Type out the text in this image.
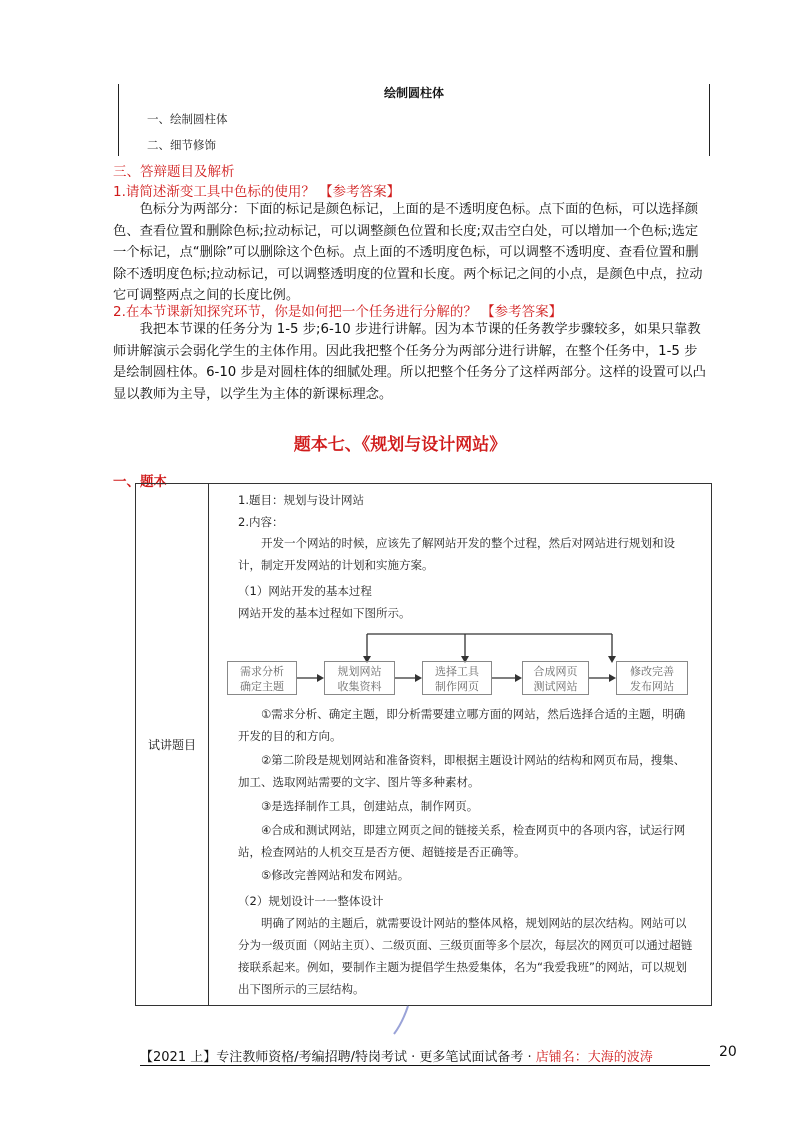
绘制圆柱体
一、绘制圆柱体
二、细节修饰
三、答辩题目及解析
1.请简述渐变工具中色标的使用？ 【参考答案】
色标分为两部分：下面的标记是颜色标记，上面的是不透明度色标。点下面的色标，可以选择颜色、查看位置和删除色标;拉动标记，可以调整颜色位置和长度;双击空白处，可以增加一个色标;选定一个标记，点“删除”可以删除这个色标。点上面的不透明度色标，可以调整不透明度、查看位置和删除不透明度色标;拉动标记，可以调整透明度的位置和长度。两个标记之间的小点，是颜色中点，拉动它可调整两点之间的长度比例。
2.在本节课新知探究环节，你是如何把一个任务进行分解的？ 【参考答案】
我把本节课的任务分为 1-5 步;6-10 步进行讲解。因为本节课的任务教学步骤较多，如果只靠教师讲解演示会弱化学生的主体作用。因此我把整个任务分为两部分进行讲解，在整个任务中，1-5 步是绘制圆柱体。6-10 步是对圆柱体的细腻处理。所以把整个任务分了这样两部分。这样的设置可以凸显以教师为主导，以学生为主体的新课标理念。
题本七、《规划与设计网站》
一、题本
试讲题目	
1.题目：规划与设计网站
2.内容：
开发一个网站的时候，应该先了解网站开发的整个过程，然后对网站进行规划和设计，制定开发网站的计划和实施方案。
（1）网站开发的基本过程
网站开发的基本过程如下图所示。
需求分析
确定主题
规划网站
收集资料
选择工具
制作网页
合成网页
测试网站
修改完善
发布网站
①需求分析、确定主题，即分析需要建立哪方面的网站，然后选择合适的主题，明确开发的目的和方向。
②第二阶段是规划网站和准备资料，即根据主题设计网站的结构和网页布局，搜集、加工、选取网站需要的文字、图片等多种素材。
③是选择制作工具，创建站点，制作网页。
④合成和测试网站，即建立网页之间的链接关系，检查网页中的各项内容，试运行网站，检查网站的人机交互是否方便、超链接是否正确等。
⑤修改完善网站和发布网站。
（2）规划设计一一整体设计
明确了网站的主题后，就需要设计网站的整体风格，规划网站的层次结构。网站可以分为一级页面（网站主页）、二级页面、三级页面等多个层次，每层次的网页可以通过超链接联系起来。例如，要制作主题为提倡学生热爱集体，名为“我爱我班”的网站，可以规划出下图所示的三层结构。
【2021 上】专注教师资格/考编招聘/特岗考试 · 更多笔试面试备考 · 店铺名：大海的波涛	20
